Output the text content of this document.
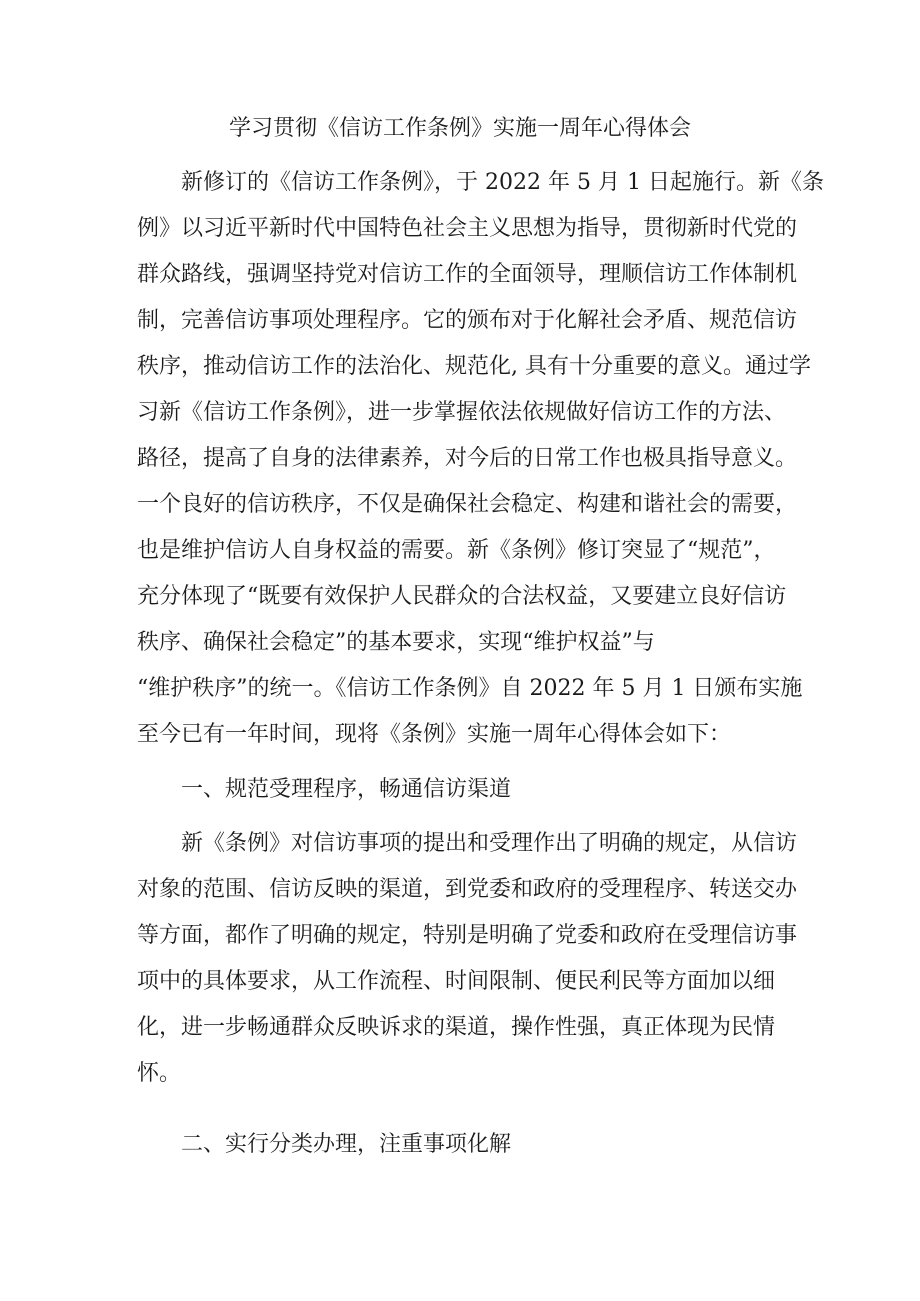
学习贯彻《信访工作条例》实施一周年心得体会
新修订的《信访工作条例》，于 2022 年 5 月 1 日起施行。新《条
例》以习近平新时代中国特色社会主义思想为指导，贯彻新时代党的
群众路线，强调坚持党对信访工作的全面领导，理顺信访工作体制机
制，完善信访事项处理程序。它的颁布对于化解社会矛盾、规范信访
秩序，推动信访工作的法治化、规范化, 具有十分重要的意义。通过学
习新《信访工作条例》，进一步掌握依法依规做好信访工作的方法、
路径，提高了自身的法律素养，对今后的日常工作也极具指导意义。
一个良好的信访秩序，不仅是确保社会稳定、构建和谐社会的需要，
也是维护信访人自身权益的需要。新《条例》修订突显了“规范”，
充分体现了“既要有效保护人民群众的合法权益，又要建立良好信访
秩序、确保社会稳定”的基本要求，实现“维护权益”与
“维护秩序”的统一。《信访工作条例》自 2022 年 5 月 1 日颁布实施
至今已有一年时间，现将《条例》实施一周年心得体会如下：
一、规范受理程序，畅通信访渠道
新《条例》对信访事项的提出和受理作出了明确的规定，从信访
对象的范围、信访反映的渠道，到党委和政府的受理程序、转送交办
等方面，都作了明确的规定，特别是明确了党委和政府在受理信访事
项中的具体要求，从工作流程、时间限制、便民利民等方面加以细
化，进一步畅通群众反映诉求的渠道，操作性强，真正体现为民情
怀。
二、实行分类办理，注重事项化解
